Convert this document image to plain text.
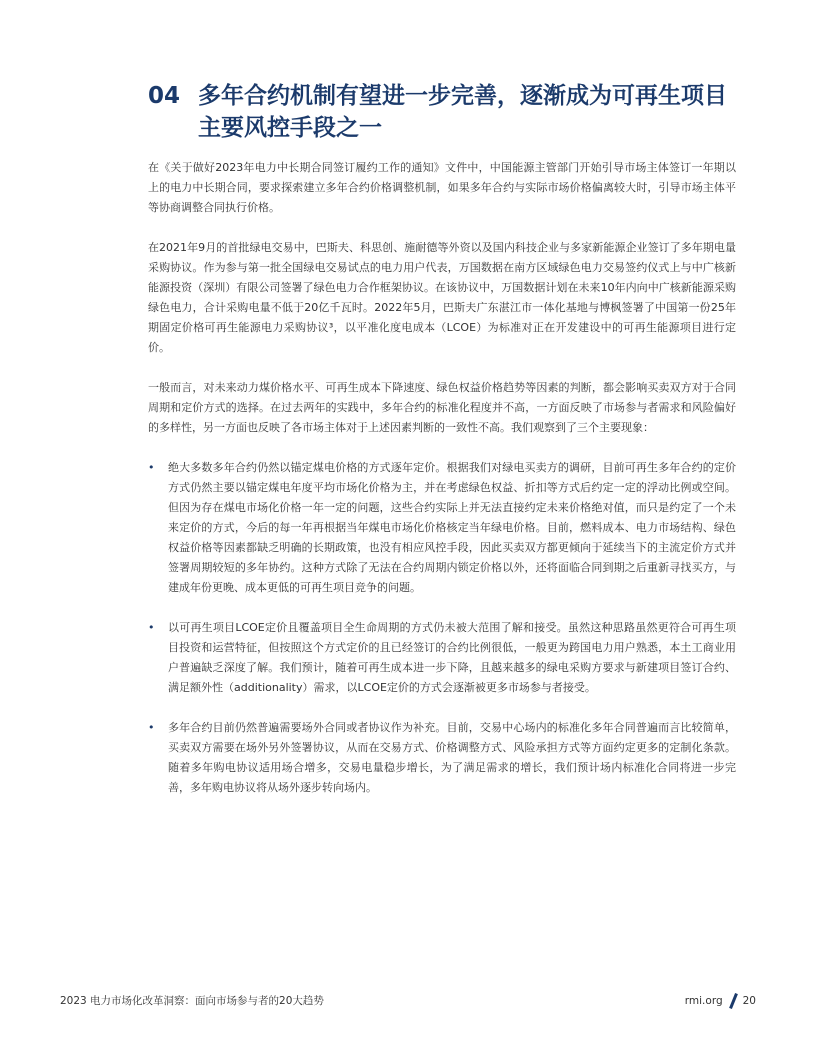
04 多年合约机制有望进一步完善，逐渐成为可再生项目主要风控手段之一

在《关于做好2023年电力中长期合同签订履约工作的通知》文件中，中国能源主管部门开始引导市场主体签订一年期以上的电力中长期合同，要求探索建立多年合约价格调整机制，如果多年合约与实际市场价格偏离较大时，引导市场主体平等协商调整合同执行价格。

在2021年9月的首批绿电交易中，巴斯夫、科思创、施耐德等外资以及国内科技企业与多家新能源企业签订了多年期电量采购协议。作为参与第一批全国绿电交易试点的电力用户代表，万国数据在南方区域绿色电力交易签约仪式上与中广核新能源投资（深圳）有限公司签署了绿色电力合作框架协议。在该协议中，万国数据计划在未来10年内向中广核新能源采购绿色电力，合计采购电量不低于20亿千瓦时。2022年5月，巴斯夫广东湛江市一体化基地与博枫签署了中国第一份25年期固定价格可再生能源电力采购协议³，以平准化度电成本（LCOE）为标准对正在开发建设中的可再生能源项目进行定价。

一般而言，对未来动力煤价格水平、可再生成本下降速度、绿色权益价格趋势等因素的判断，都会影响买卖双方对于合同周期和定价方式的选择。在过去两年的实践中，多年合约的标准化程度并不高，一方面反映了市场参与者需求和风险偏好的多样性，另一方面也反映了各市场主体对于上述因素判断的一致性不高。我们观察到了三个主要现象：

• 绝大多数多年合约仍然以锚定煤电价格的方式逐年定价。根据我们对绿电买卖方的调研，目前可再生多年合约的定价方式仍然主要以锚定煤电年度平均市场化价格为主，并在考虑绿色权益、折扣等方式后约定一定的浮动比例或空间。但因为存在煤电市场化价格一年一定的问题，这些合约实际上并无法直接约定未来价格绝对值，而只是约定了一个未来定价的方式，今后的每一年再根据当年煤电市场化价格核定当年绿电价格。目前，燃料成本、电力市场结构、绿色权益价格等因素都缺乏明确的长期政策，也没有相应风控手段，因此买卖双方都更倾向于延续当下的主流定价方式并签署周期较短的多年协约。这种方式除了无法在合约周期内锁定价格以外，还将面临合同到期之后重新寻找买方，与建成年份更晚、成本更低的可再生项目竞争的问题。
• 以可再生项目LCOE定价且覆盖项目全生命周期的方式仍未被大范围了解和接受。虽然这种思路虽然更符合可再生项目投资和运营特征，但按照这个方式定价的且已经签订的合约比例很低，一般更为跨国电力用户熟悉，本土工商业用户普遍缺乏深度了解。我们预计，随着可再生成本进一步下降，且越来越多的绿电采购方要求与新建项目签订合约、满足额外性（additionality）需求，以LCOE定价的方式会逐渐被更多市场参与者接受。
• 多年合约目前仍然普遍需要场外合同或者协议作为补充。目前，交易中心场内的标准化多年合同普遍而言比较简单，买卖双方需要在场外另外签署协议，从而在交易方式、价格调整方式、风险承担方式等方面约定更多的定制化条款。随着多年购电协议适用场合增多，交易电量稳步增长，为了满足需求的增长，我们预计场内标准化合同将进一步完善，多年购电协议将从场外逐步转向场内。
2023 电力市场化改革洞察：面向市场参与者的20大趋势	rmi.org 20
